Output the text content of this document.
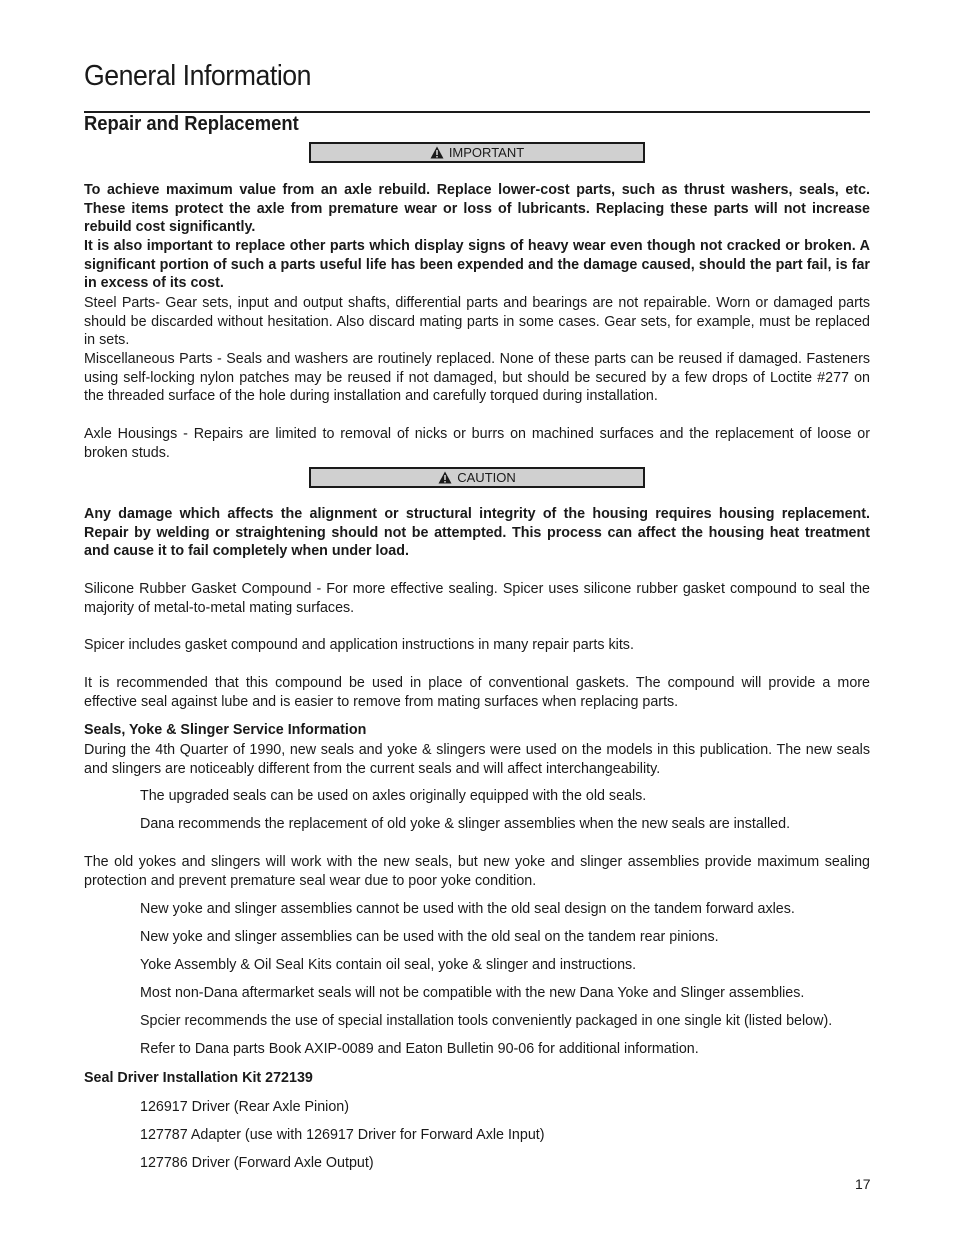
General Information
Repair and Replacement
IMPORTANT
To achieve maximum value from an axle rebuild. Replace lower-cost parts, such as thrust washers, seals, etc. These items protect the axle from premature wear or loss of lubricants. Replacing these parts will not increase rebuild cost significantly.
It is also important to replace other parts which display signs of heavy wear even though not cracked or broken. A significant portion of such a parts useful life has been expended and the damage caused, should the part fail, is far in excess of its cost.
Steel Parts- Gear sets, input and output shafts, differential parts and bearings are not repairable. Worn or damaged parts should be discarded without hesitation. Also discard mating parts in some cases. Gear sets, for example, must be replaced in sets.
Miscellaneous Parts - Seals and washers are routinely replaced. None of these parts can be reused if damaged. Fasteners using self-locking nylon patches may be reused if not damaged, but should be secured by a few drops of Loctite #277 on the threaded surface of the hole during installation and carefully torqued during installation.
Axle Housings - Repairs are limited to removal of nicks or burrs on machined surfaces and the replacement of loose or broken studs.
CAUTION
Any damage which affects the alignment or structural integrity of the housing requires housing replacement. Repair by welding or straightening should not be attempted. This process can affect the housing heat treatment and cause it to fail completely when under load.
Silicone Rubber Gasket Compound - For more effective sealing. Spicer uses silicone rubber gasket compound to seal the majority of metal-to-metal mating surfaces.
Spicer includes gasket compound and application instructions in many repair parts kits.
It is recommended that this compound be used in place of conventional gaskets. The compound will provide a more effective seal against lube and is easier to remove from mating surfaces when replacing parts.
Seals, Yoke & Slinger Service Information
During the 4th Quarter of 1990, new seals and yoke & slingers were used on the models in this publication. The new seals and slingers are noticeably different from the current seals and will affect interchangeability.
The upgraded seals can be used on axles originally equipped with the old seals.
Dana recommends the replacement of old yoke & slinger assemblies when the new seals are installed.
The old yokes and slingers will work with the new seals, but new yoke and slinger assemblies provide maximum sealing protection and prevent premature seal wear due to poor yoke condition.
New yoke and slinger assemblies cannot be used with the old seal design on the tandem forward axles.
New yoke and slinger assemblies can be used with the old seal on the tandem rear pinions.
Yoke Assembly & Oil Seal Kits contain oil seal, yoke & slinger and instructions.
Most non-Dana aftermarket seals will not be compatible with the new Dana Yoke and Slinger assemblies.
Spcier recommends the use of special installation tools conveniently packaged in one single kit (listed below).
Refer to Dana parts Book AXIP-0089 and Eaton Bulletin 90-06 for additional information.
Seal Driver Installation Kit 272139
126917 Driver (Rear Axle Pinion)
127787 Adapter (use with 126917 Driver for Forward Axle Input)
127786 Driver (Forward Axle Output)
17
